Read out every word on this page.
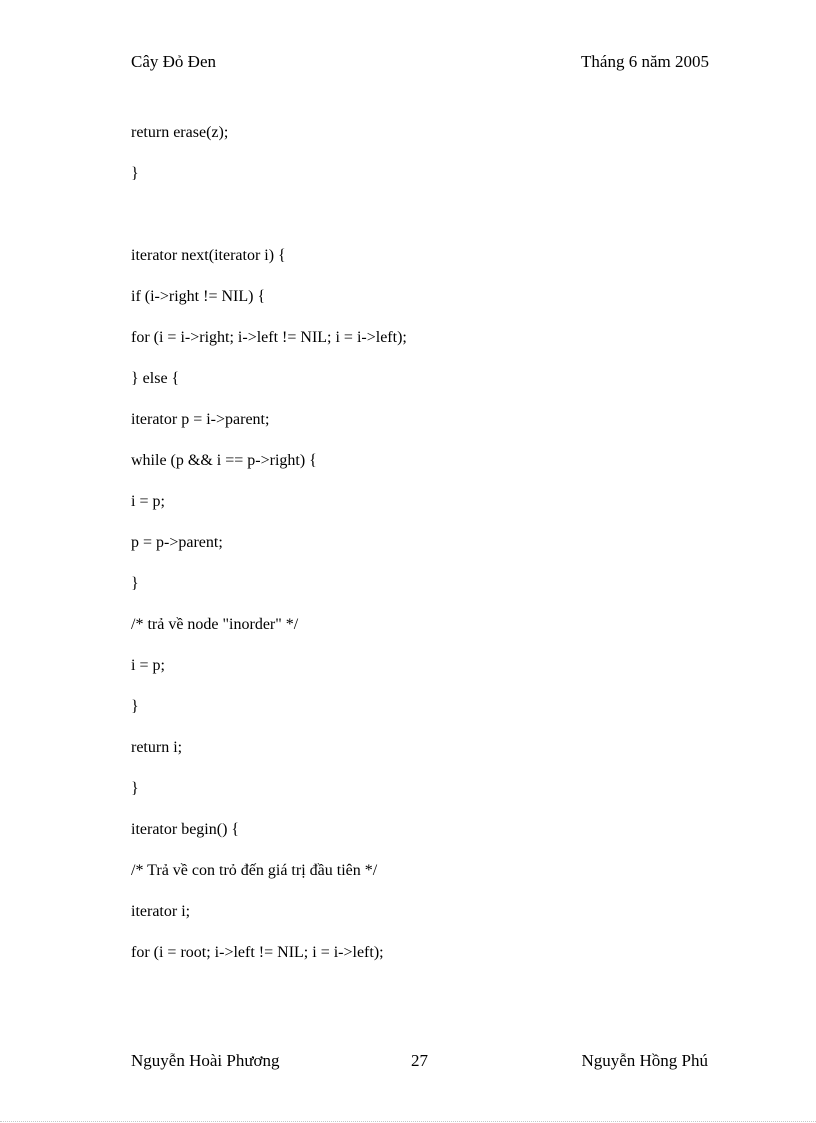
Cây Đỏ Đen	Tháng 6 năm 2005
return erase(z);
}
iterator next(iterator i) {
if (i->right != NIL) {
for (i = i->right; i->left != NIL; i = i->left);
} else {
iterator p = i->parent;
while (p && i == p->right) {
i = p;
p = p->parent;
}
/* trả về node "inorder" */
i = p;
}
return i;
}
iterator begin() {
/* Trả về con trỏ đến giá trị đầu tiên */
iterator i;
for (i = root; i->left != NIL; i = i->left);
Nguyễn Hoài Phương	27	Nguyễn Hồng Phú
